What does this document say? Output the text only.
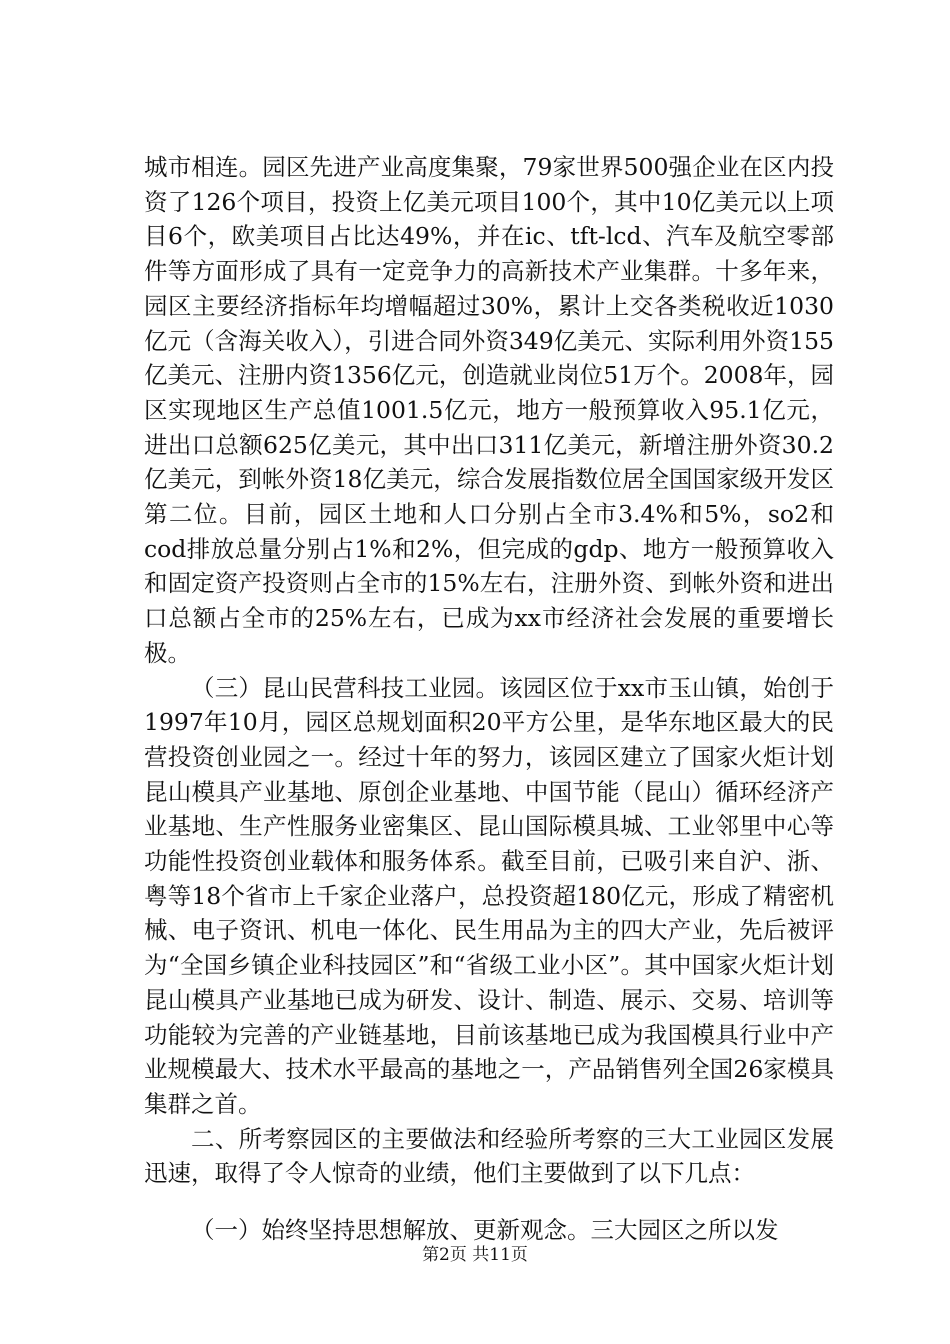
城市相连。园区先进产业高度集聚，79家世界500强企业在区内投资了126个项目，投资上亿美元项目100个，其中10亿美元以上项目6个，欧美项目占比达49%，并在ic、tft-lcd、汽车及航空零部件等方面形成了具有一定竞争力的高新技术产业集群。十多年来，园区主要经济指标年均增幅超过30%，累计上交各类税收近1030亿元（含海关收入），引进合同外资349亿美元、实际利用外资155亿美元、注册内资1356亿元，创造就业岗位51万个。2008年，园区实现地区生产总值1001.5亿元，地方一般预算收入95.1亿元，进出口总额625亿美元，其中出口311亿美元，新增注册外资30.2亿美元，到帐外资18亿美元，综合发展指数位居全国国家级开发区第二位。目前，园区土地和人口分别占全市3.4%和5%，so2和cod排放总量分别占1%和2%，但完成的gdp、地方一般预算收入和固定资产投资则占全市的15%左右，注册外资、到帐外资和进出口总额占全市的25%左右，已成为xx市经济社会发展的重要增长极。

（三）昆山民营科技工业园。该园区位于xx市玉山镇，始创于1997年10月，园区总规划面积20平方公里，是华东地区最大的民营投资创业园之一。经过十年的努力，该园区建立了国家火炬计划昆山模具产业基地、原创企业基地、中国节能（昆山）循环经济产业基地、生产性服务业密集区、昆山国际模具城、工业邻里中心等功能性投资创业载体和服务体系。截至目前，已吸引来自沪、浙、粤等18个省市上千家企业落户，总投资超180亿元，形成了精密机械、电子资讯、机电一体化、民生用品为主的四大产业，先后被评为“全国乡镇企业科技园区”和“省级工业小区”。其中国家火炬计划昆山模具产业基地已成为研发、设计、制造、展示、交易、培训等功能较为完善的产业链基地，目前该基地已成为我国模具行业中产业规模最大、技术水平最高的基地之一，产品销售列全国26家模具集群之首。

二、所考察园区的主要做法和经验所考察的三大工业园区发展迅速，取得了令人惊奇的业绩，他们主要做到了以下几点：

（一）始终坚持思想解放、更新观念。三大园区之所以发

第2页 共11页
